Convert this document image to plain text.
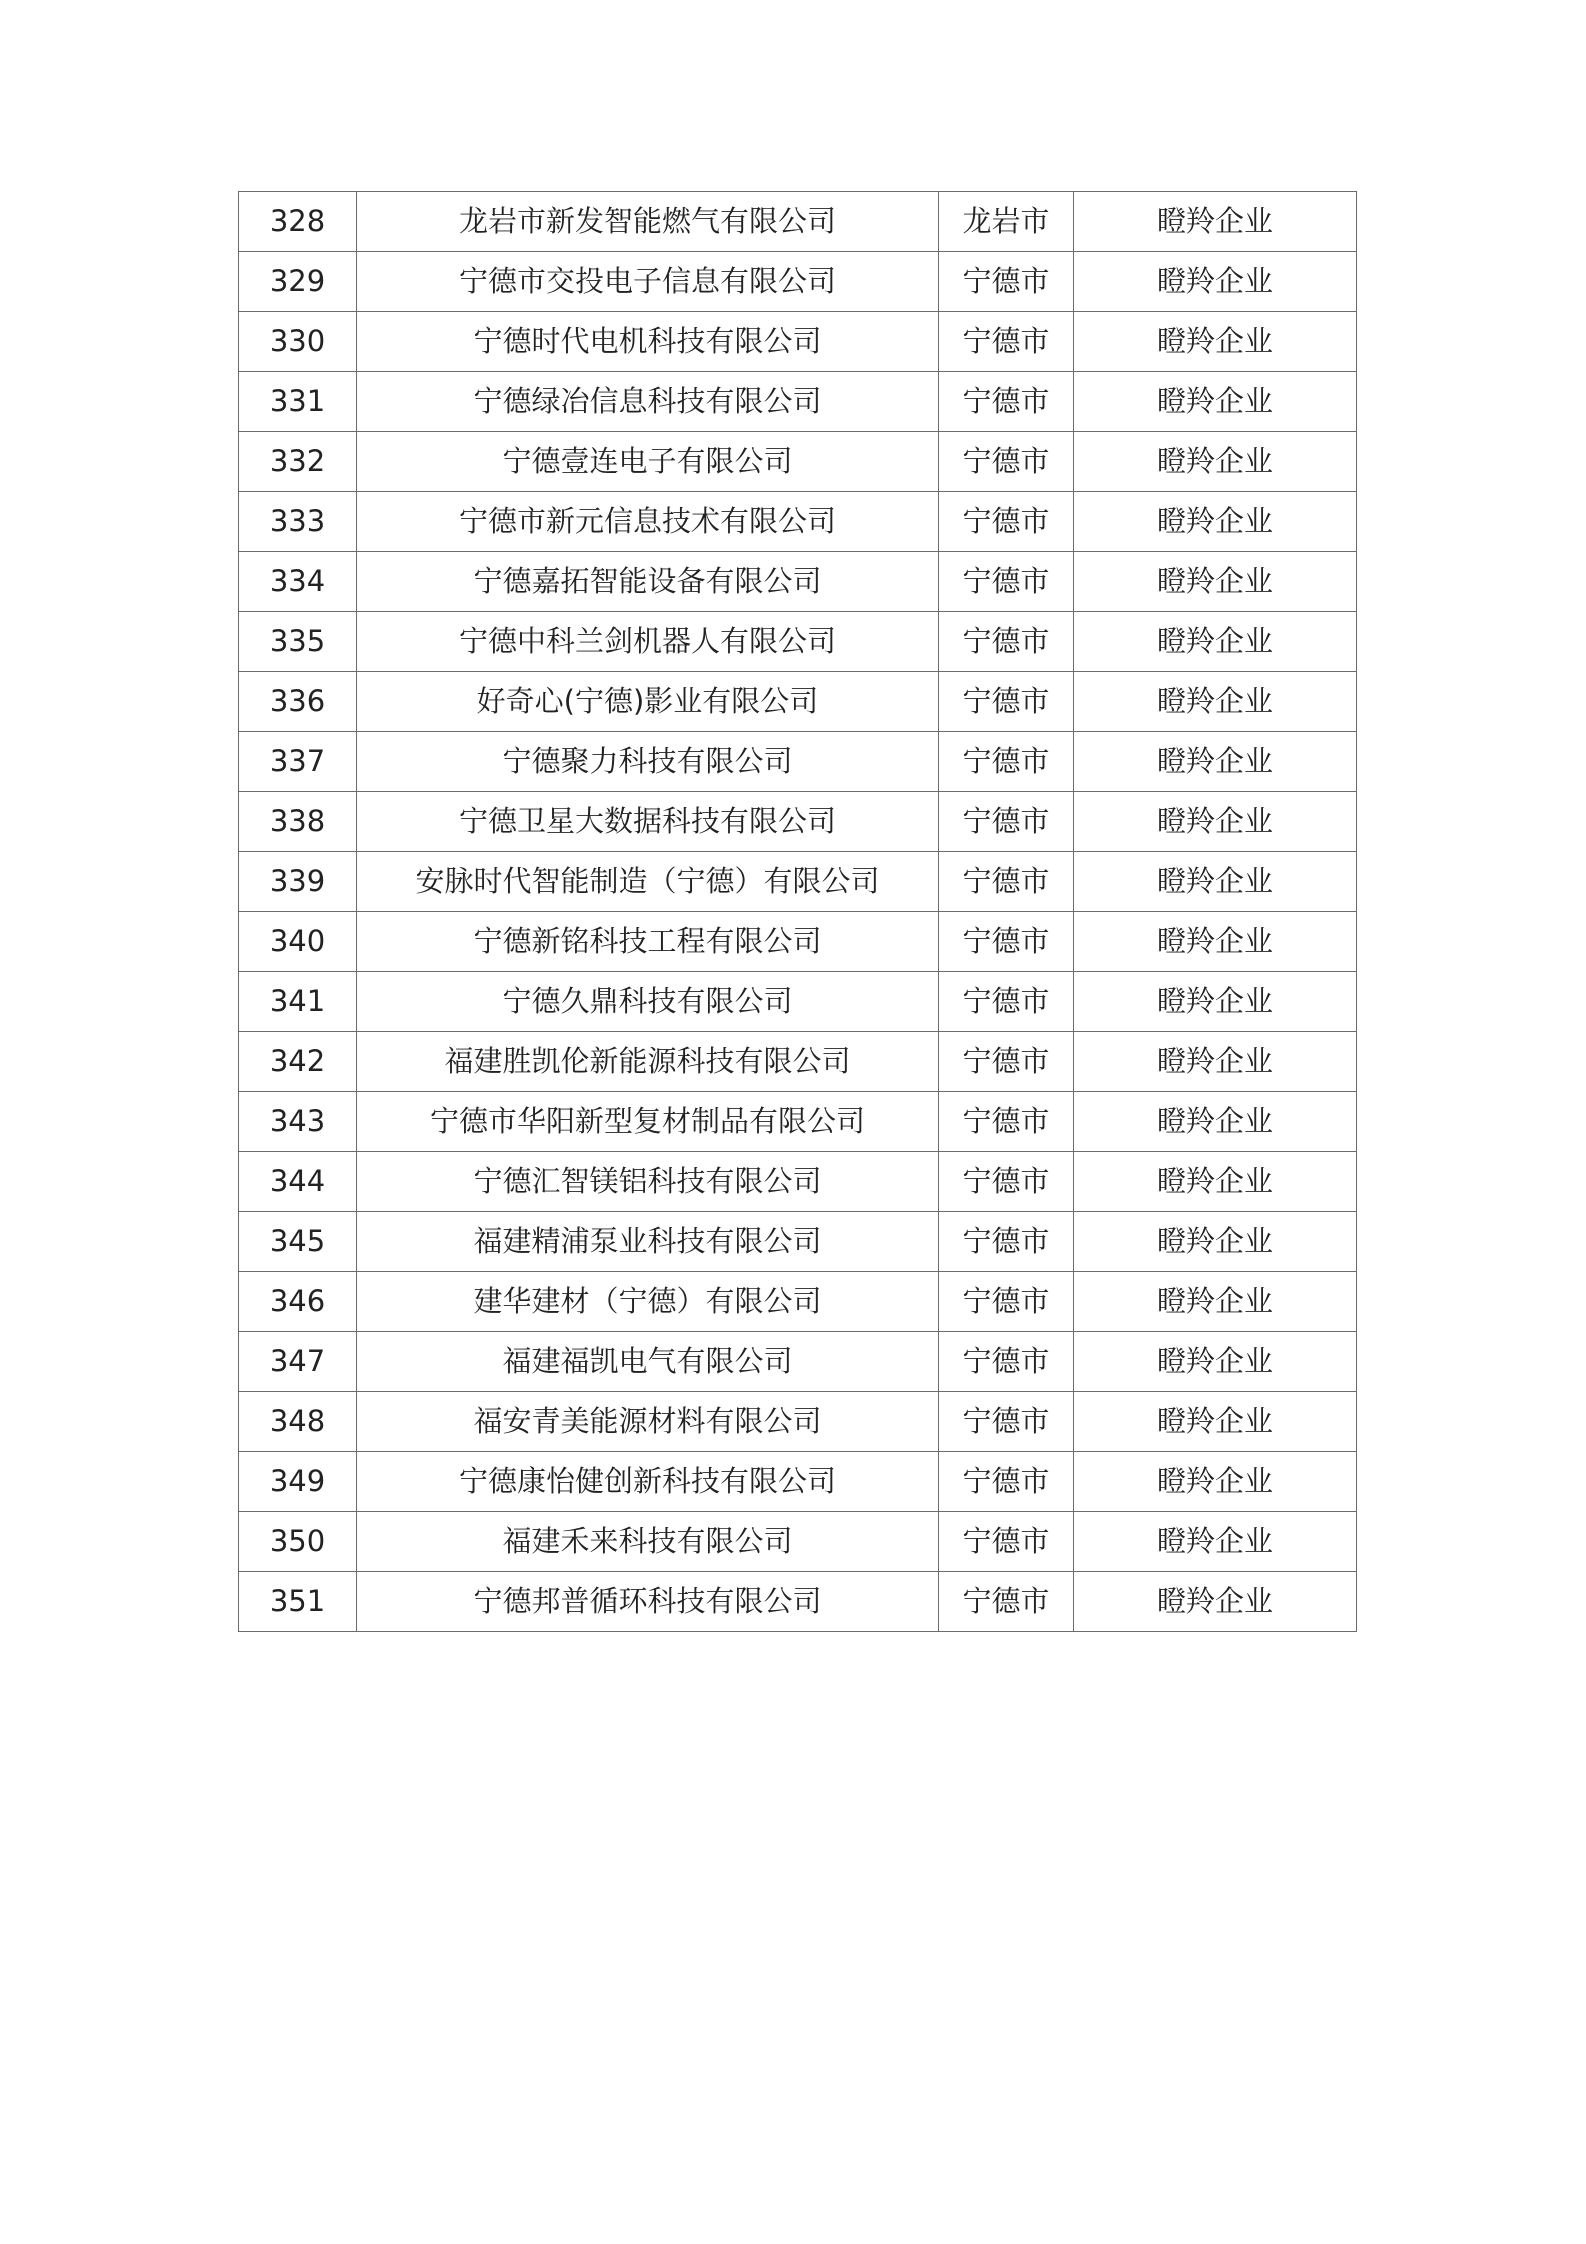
328	龙岩市新发智能燃气有限公司	龙岩市	瞪羚企业
329	宁德市交投电子信息有限公司	宁德市	瞪羚企业
330	宁德时代电机科技有限公司	宁德市	瞪羚企业
331	宁德绿冶信息科技有限公司	宁德市	瞪羚企业
332	宁德壹连电子有限公司	宁德市	瞪羚企业
333	宁德市新元信息技术有限公司	宁德市	瞪羚企业
334	宁德嘉拓智能设备有限公司	宁德市	瞪羚企业
335	宁德中科兰剑机器人有限公司	宁德市	瞪羚企业
336	好奇心(宁德)影业有限公司	宁德市	瞪羚企业
337	宁德聚力科技有限公司	宁德市	瞪羚企业
338	宁德卫星大数据科技有限公司	宁德市	瞪羚企业
339	安脉时代智能制造（宁德）有限公司	宁德市	瞪羚企业
340	宁德新铭科技工程有限公司	宁德市	瞪羚企业
341	宁德久鼎科技有限公司	宁德市	瞪羚企业
342	福建胜凯伦新能源科技有限公司	宁德市	瞪羚企业
343	宁德市华阳新型复材制品有限公司	宁德市	瞪羚企业
344	宁德汇智镁铝科技有限公司	宁德市	瞪羚企业
345	福建精浦泵业科技有限公司	宁德市	瞪羚企业
346	建华建材（宁德）有限公司	宁德市	瞪羚企业
347	福建福凯电气有限公司	宁德市	瞪羚企业
348	福安青美能源材料有限公司	宁德市	瞪羚企业
349	宁德康怡健创新科技有限公司	宁德市	瞪羚企业
350	福建禾来科技有限公司	宁德市	瞪羚企业
351	宁德邦普循环科技有限公司	宁德市	瞪羚企业
